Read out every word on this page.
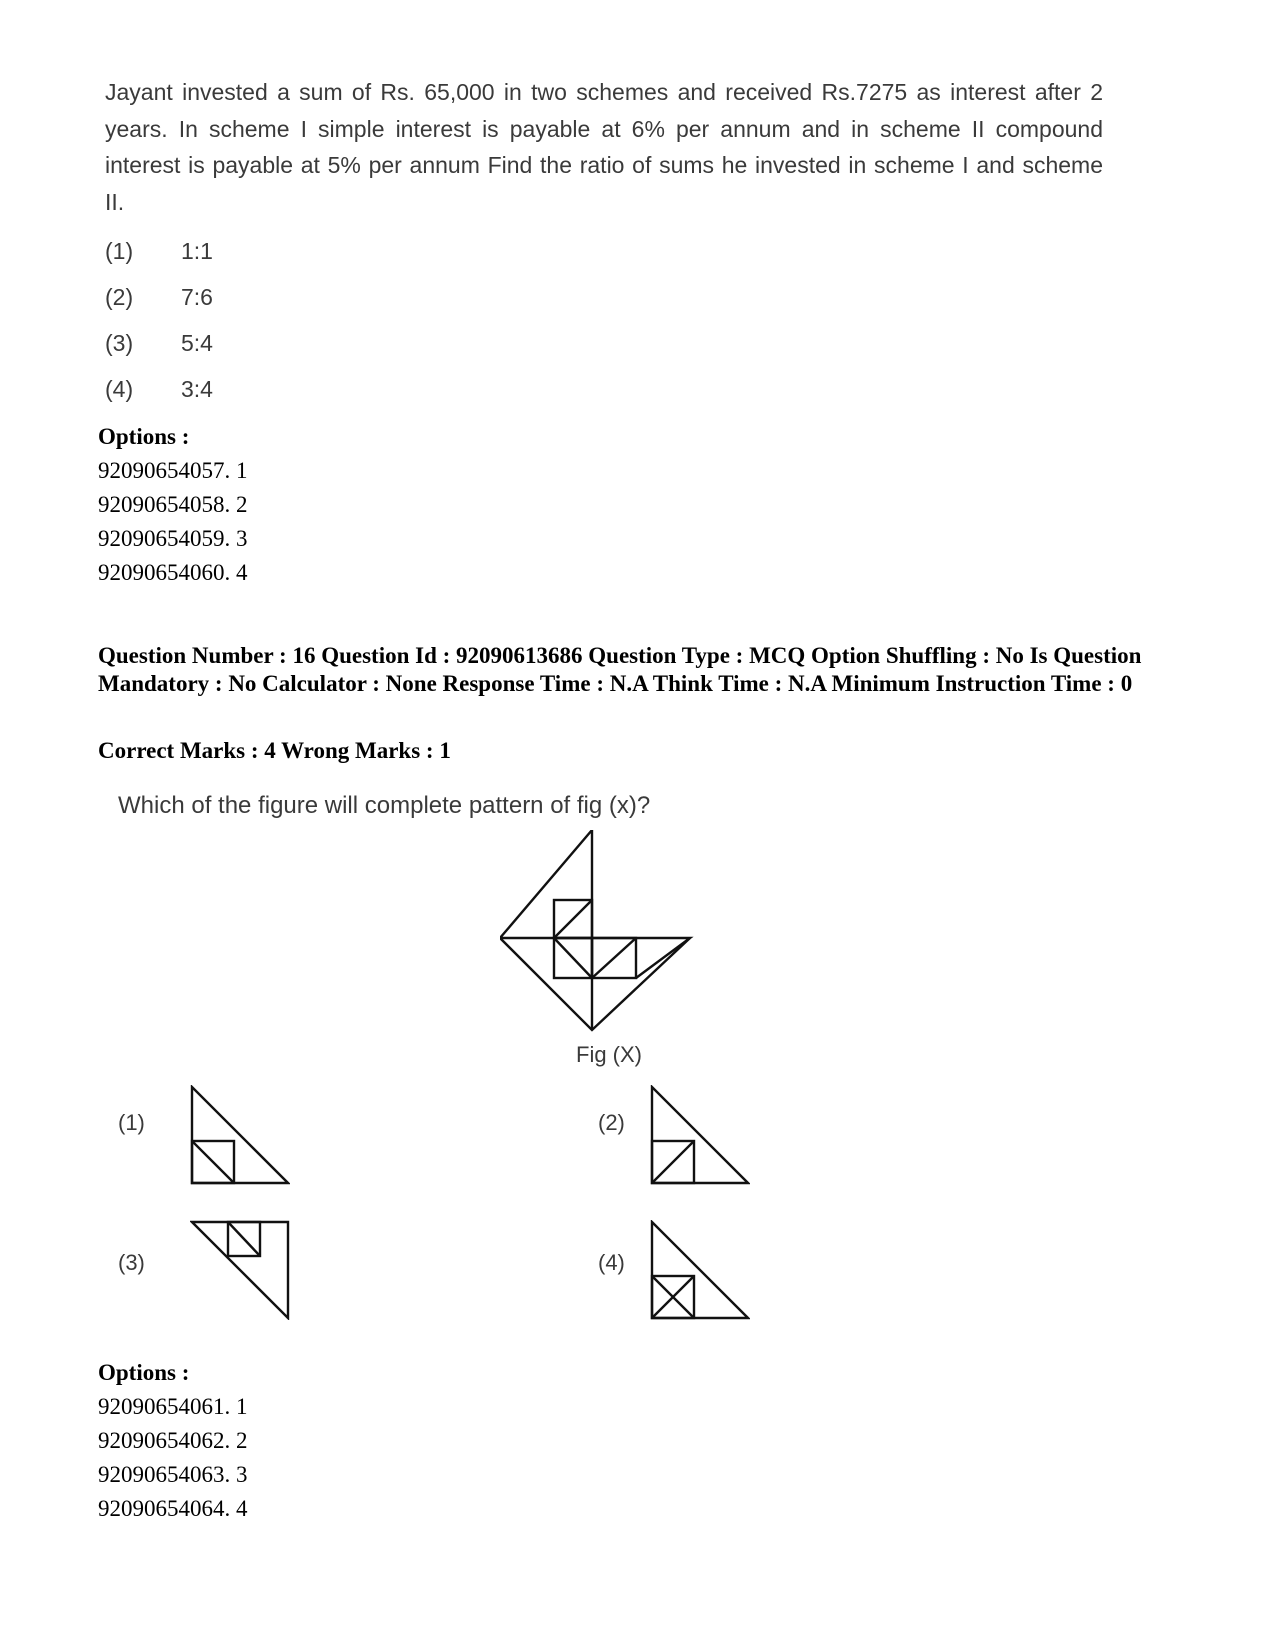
Jayant invested a sum of Rs. 65,000 in two schemes and received Rs.7275 as interest after 2 years. In scheme I simple interest is payable at 6% per annum and in scheme II compound interest is payable at 5% per annum Find the ratio of sums he invested in scheme I and scheme II.
(1) 1:1
(2) 7:6
(3) 5:4
(4) 3:4
Options :
92090654057. 1
92090654058. 2
92090654059. 3
92090654060. 4
Question Number : 16 Question Id : 92090613686 Question Type : MCQ Option Shuffling : No Is Question Mandatory : No Calculator : None Response Time : N.A Think Time : N.A Minimum Instruction Time : 0
Correct Marks : 4 Wrong Marks : 1
Which of the figure will complete pattern of fig (x)?
Fig (X)
(1)	(2)
(3)	(4)
Options :
92090654061. 1
92090654062. 2
92090654063. 3
92090654064. 4
